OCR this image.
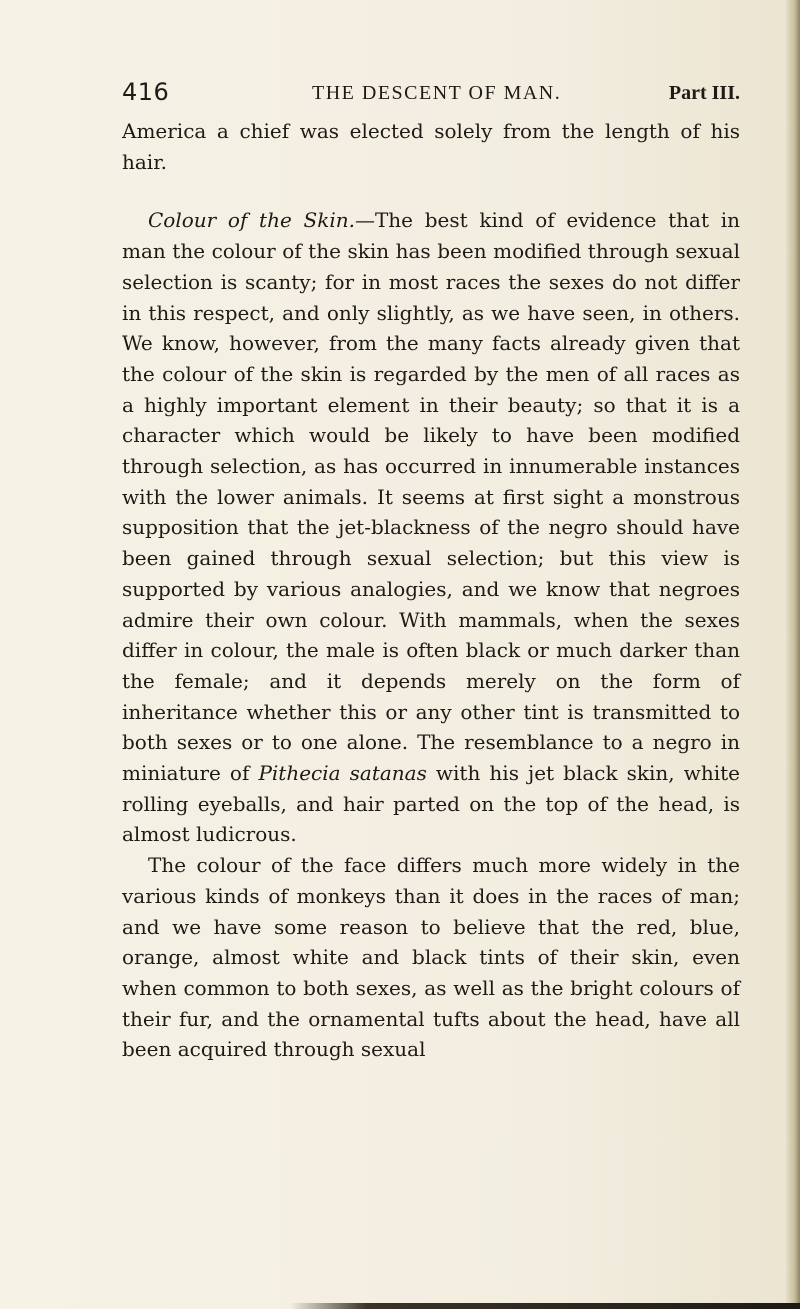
416	THE DESCENT OF MAN.	Part III.

America a chief was elected solely from the length of his hair.

Colour of the Skin.—The best kind of evidence that in man the colour of the skin has been modified through sexual selection is scanty; for in most races the sexes do not differ in this respect, and only slightly, as we have seen, in others. We know, however, from the many facts already given that the colour of the skin is regarded by the men of all races as a highly important element in their beauty; so that it is a character which would be likely to have been modified through selection, as has occurred in innumerable instances with the lower animals. It seems at first sight a monstrous supposition that the jet-blackness of the negro should have been gained through sexual selection; but this view is supported by various analogies, and we know that negroes admire their own colour. With mammals, when the sexes differ in colour, the male is often black or much darker than the female; and it depends merely on the form of inheritance whether this or any other tint is transmitted to both sexes or to one alone. The resemblance to a negro in miniature of Pithecia satanas with his jet black skin, white rolling eyeballs, and hair parted on the top of the head, is almost ludicrous.

The colour of the face differs much more widely in the various kinds of monkeys than it does in the races of man; and we have some reason to believe that the red, blue, orange, almost white and black tints of their skin, even when common to both sexes, as well as the bright colours of their fur, and the ornamental tufts about the head, have all been acquired through sexual
